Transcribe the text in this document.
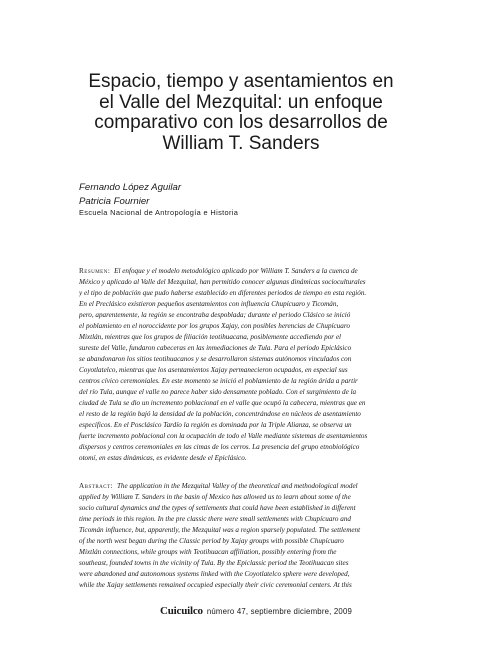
Espacio, tiempo y asentamientos en
el Valle del Mezquital: un enfoque
comparativo con los desarrollos de
William T. Sanders
Fernando López Aguilar
Patricia Fournier
Escuela Nacional de Antropología e Historia
Resumen: El enfoque y el modelo metodológico aplicado por William T. Sanders a la cuenca de
México y aplicado al Valle del Mezquital, han permitido conocer algunas dinámicas socioculturales
y el tipo de población que pudo haberse establecido en diferentes periodos de tiempo en esta región.
En el Preclásico existieron pequeños asentamientos con influencia Chupícuaro y Ticomán,
pero, aparentemente, la región se encontraba despoblada; durante el periodo Clásico se inició
el poblamiento en el noroccidente por los grupos Xajay, con posibles herencias de Chupícuaro
Mixtlán, mientras que los grupos de filiación teotihuacana, posiblemente accediendo por el
sureste del Valle, fundaron cabeceras en las inmediaciones de Tula. Para el periodo Epiclásico
se abandonaron los sitios teotihuacanos y se desarrollaron sistemas autónomos vinculados con
Coyotlatelco, mientras que los asentamientos Xajay permanecieron ocupados, en especial sus
centros cívico ceremoniales. En este momento se inició el poblamiento de la región árida a partir
del río Tula, aunque el valle no parece haber sido densamente poblado. Con el surgimiento de la
ciudad de Tula se dio un incremento poblacional en el valle que ocupó la cabecera, mientras que en
el resto de la región bajó la densidad de la población, concentrándose en núcleos de asentamiento
específicos. En el Posclásico Tardío la región es dominada por la Triple Alianza, se observa un
fuerte incremento poblacional con la ocupación de todo el Valle mediante sistemas de asentamientos
dispersos y centros ceremoniales en las cimas de los cerros. La presencia del grupo etnobiológico
otomí, en estas dinámicas, es evidente desde el Epiclásico.
Abstract: The application in the Mezquital Valley of the theoretical and methodological model
applied by William T. Sanders in the basin of Mexico has allowed us to learn about some of the
socio cultural dynamics and the types of settlements that could have been established in different
time periods in this region. In the pre classic there were small settlements with Chupícuaro and
Ticomán influence, but, apparently, the Mezquital was a region sparsely populated. The settlement
of the north west began during the Classic period by Xajay groups with possible Chupícuaro
Mixtlán connections, while groups with Teotihuacan affiliation, possibly entering from the
southeast, founded towns in the vicinity of Tula. By the Epiclassic period the Teotihuacan sites
were abandoned and autonomous systems linked with the Coyotlatelco sphere were developed,
while the Xajay settlements remained occupied especially their civic ceremonial centers. At this
Cuicuilco número 47, septiembre diciembre, 2009
